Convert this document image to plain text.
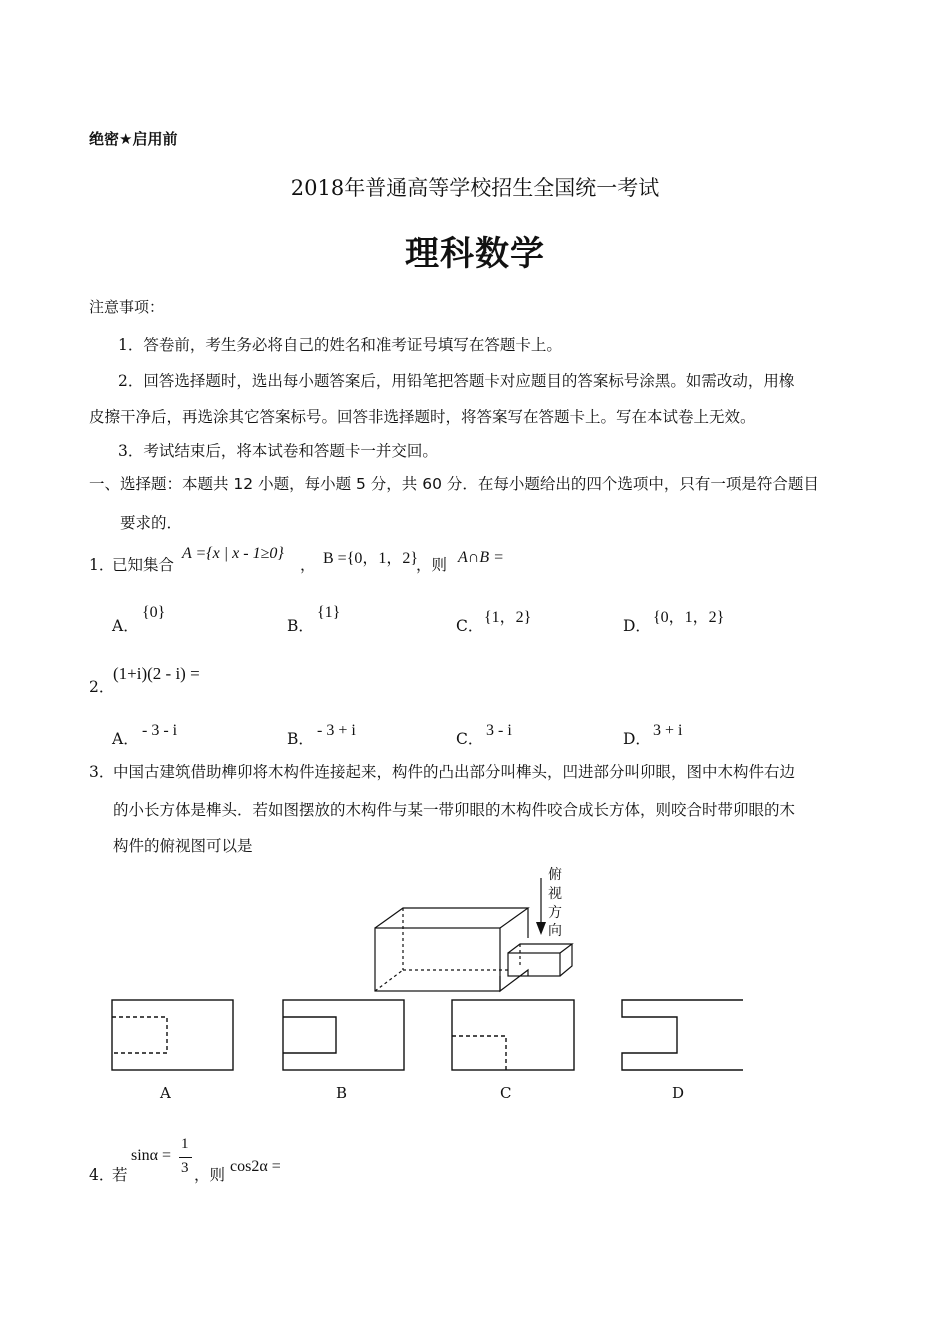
绝密★启用前
2018年普通高等学校招生全国统一考试
理科数学
注意事项：
1．答卷前，考生务必将自己的姓名和准考证号填写在答题卡上。
2．回答选择题时，选出每小题答案后，用铅笔把答题卡对应题目的答案标号涂黑。如需改动，用橡
皮擦干净后，再选涂其它答案标号。回答非选择题时，将答案写在答题卡上。写在本试卷上无效。
3．考试结束后，将本试卷和答题卡一并交回。
一、选择题：本题共 12 小题，每小题 5 分，共 60 分．在每小题给出的四个选项中，只有一项是符合题目
要求的．
1．
已知集合
A ={x | x - 1≥0}
， B ={0，1，2}
，则 A∩B =
A．
{0}
B．
{1}
C． {1，2}	D． {0，1，2}
2．
(1+i)(2 - i) =
A． - 3 - i	B． - 3 + i	C． 3 - i	D． 3 + i
3．
中国古建筑借助榫卯将木构件连接起来，构件的凸出部分叫榫头，凹进部分叫卯眼，图中木构件右边
的小长方体是榫头．若如图摆放的木构件与某一带卯眼的木构件咬合成长方体，则咬合时带卯眼的木
构件的俯视图可以是
俯
视
方
向
A	B	C	D
4．
若
sinα =
1
3 ，则 cos2α =
